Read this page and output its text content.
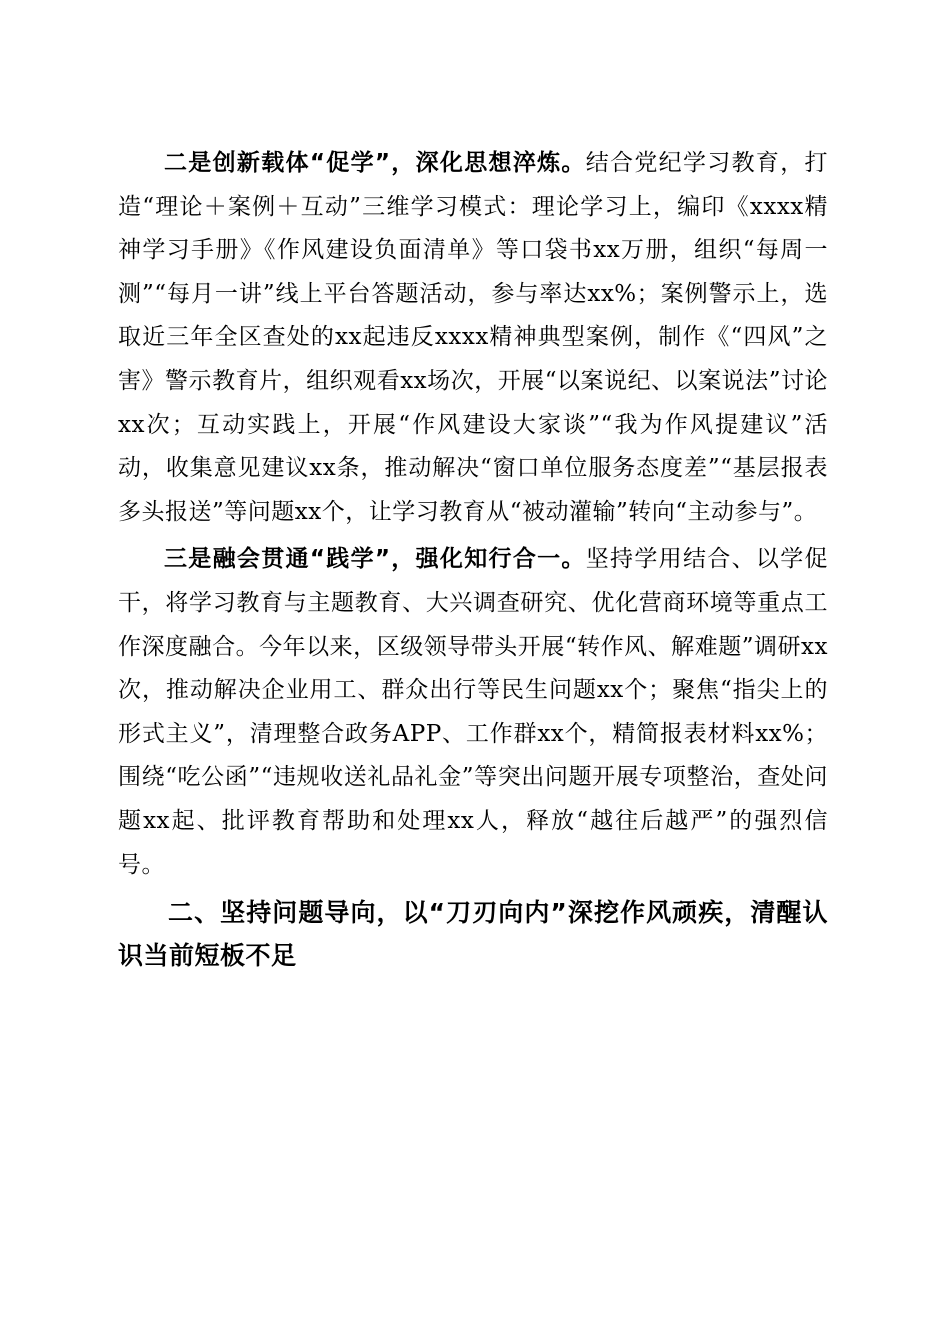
二是创新载体“促学”，深化思想淬炼。结合党纪学习教育，打造“理论＋案例＋互动”三维学习模式：理论学习上，编印《xxxx精神学习手册》《作风建设负面清单》等口袋书xx万册，组织“每周一测”“每月一讲”线上平台答题活动，参与率达xx%；案例警示上，选取近三年全区查处的xx起违反xxxx精神典型案例，制作《“四风”之害》警示教育片，组织观看xx场次，开展“以案说纪、以案说法”讨论xx次；互动实践上，开展“作风建设大家谈”“我为作风提建议”活动，收集意见建议xx条，推动解决“窗口单位服务态度差”“基层报表多头报送”等问题xx个，让学习教育从“被动灌输”转向“主动参与”。

三是融会贯通“践学”，强化知行合一。坚持学用结合、以学促干，将学习教育与主题教育、大兴调查研究、优化营商环境等重点工作深度融合。今年以来，区级领导带头开展“转作风、解难题”调研xx次，推动解决企业用工、群众出行等民生问题xx个；聚焦“指尖上的形式主义”，清理整合政务APP、工作群xx个，精简报表材料xx%；围绕“吃公函”“违规收送礼品礼金”等突出问题开展专项整治，查处问题xx起、批评教育帮助和处理xx人，释放“越往后越严”的强烈信号。

二、坚持问题导向，以“刀刃向内”深挖作风顽疾，清醒认识当前短板不足
